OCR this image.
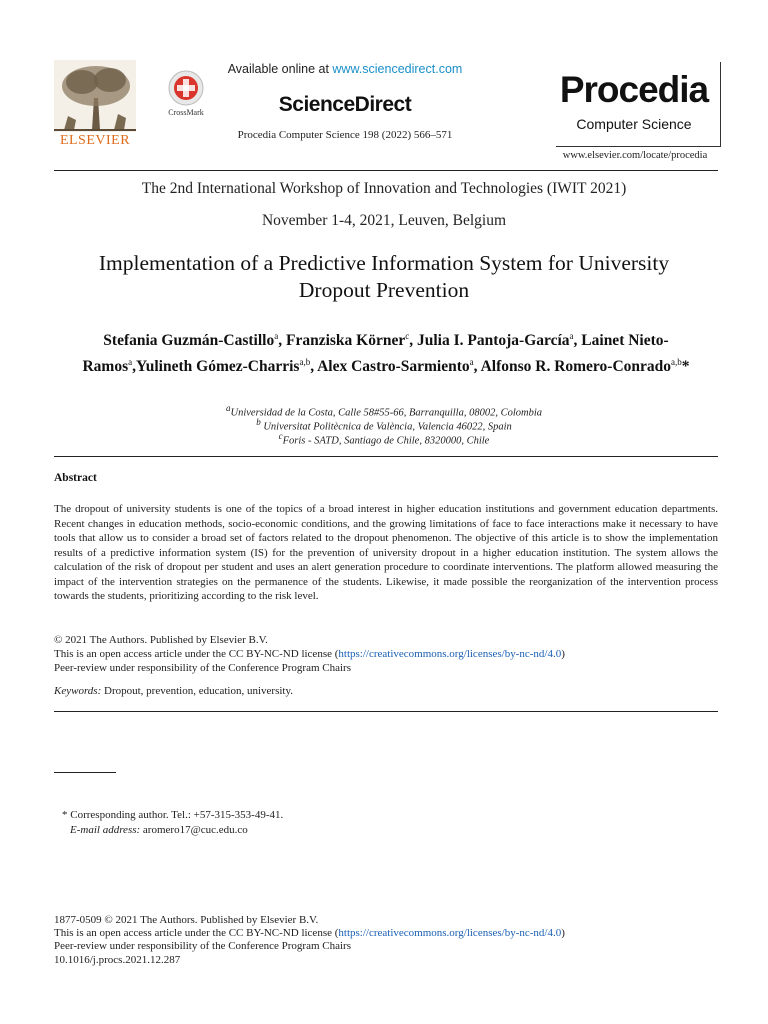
ELSEVIER
CrossMark
Available online at www.sciencedirect.com
ScienceDirect
Procedia Computer Science 198 (2022) 566–571
Procedia
Computer Science
www.elsevier.com/locate/procedia
The 2nd International Workshop of Innovation and Technologies (IWIT 2021)
November 1-4, 2021, Leuven, Belgium
Implementation of a Predictive Information System for University
Dropout Prevention
Stefania Guzmán-Castillo$^a$, Franziska Körner$^c$, Julia I. Pantoja-García$^a$, Lainet Nieto-Ramos$^a$,Yulineth Gómez-Charris$^{a,b}$, Alex Castro-Sarmiento$^a$, Alfonso R. Romero-Conrado$^{a,b}$*
$^a$Universidad de la Costa, Calle 58#55-66, Barranquilla, 08002, Colombia
$^b$ Universitat Politècnica de València, Valencia 46022, Spain
$^c$Foris - SATD, Santiago de Chile, 8320000, Chile
Abstract
The dropout of university students is one of the topics of a broad interest in higher education institutions and government education departments. Recent changes in education methods, socio-economic conditions, and the growing limitations of face to face interactions make it necessary to have tools that allow us to consider a broad set of factors related to the dropout phenomenon. The objective of this article is to show the implementation results of a predictive information system (IS) for the prevention of university dropout in a higher education institution. The system allows the calculation of the risk of dropout per student and uses an alert generation procedure to coordinate interventions. The platform allowed measuring the impact of the intervention strategies on the permanence of the students. Likewise, it made possible the reorganization of the intervention process towards the students, prioritizing according to the risk level.
© 2021 The Authors. Published by Elsevier B.V.
This is an open access article under the CC BY-NC-ND license (https://creativecommons.org/licenses/by-nc-nd/4.0)
Peer-review under responsibility of the Conference Program Chairs
Keywords: Dropout, prevention, education, university.
* Corresponding author. Tel.: +57-315-353-49-41.
E-mail address: aromero17@cuc.edu.co
1877-0509 © 2021 The Authors. Published by Elsevier B.V.
This is an open access article under the CC BY-NC-ND license (https://creativecommons.org/licenses/by-nc-nd/4.0)
Peer-review under responsibility of the Conference Program Chairs
10.1016/j.procs.2021.12.287
